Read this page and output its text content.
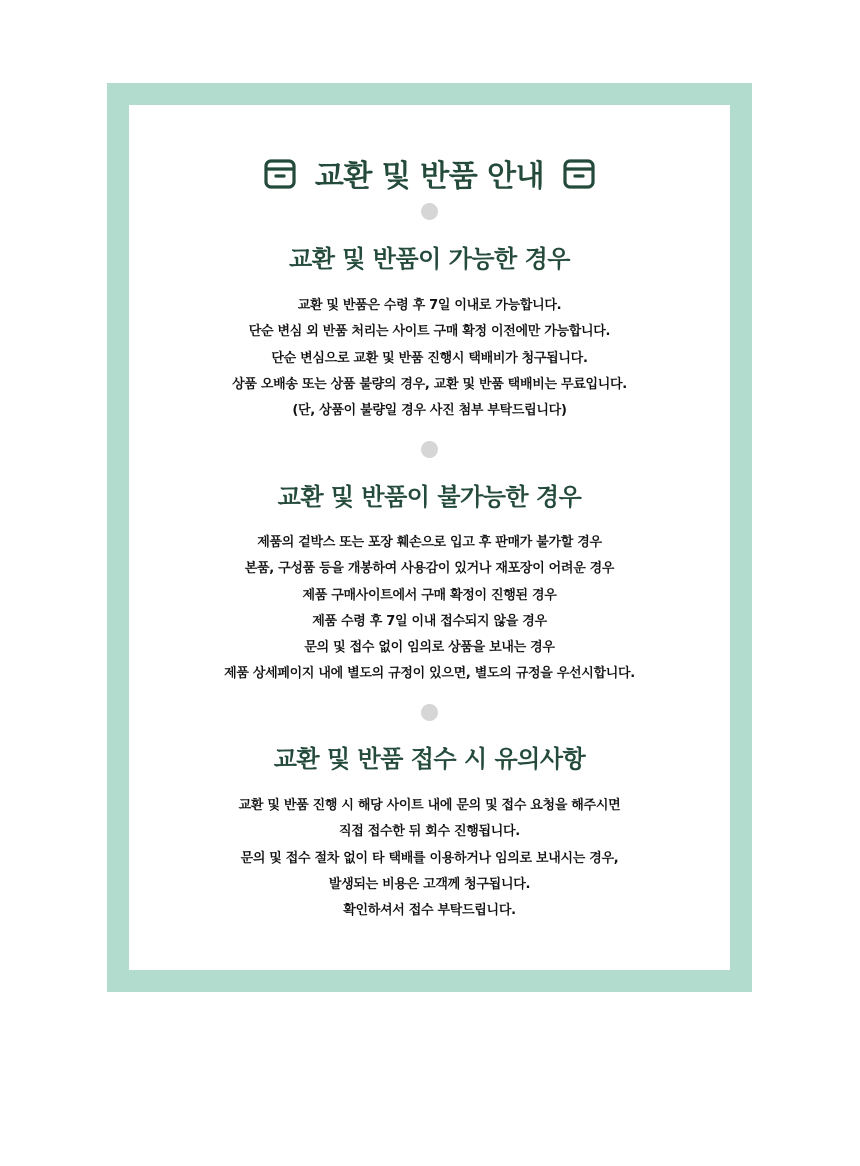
교환 및 반품 안내
교환 및 반품이 가능한 경우
교환 및 반품은 수령 후 7일 이내로 가능합니다.
단순 변심 외 반품 처리는 사이트 구매 확정 이전에만 가능합니다.
단순 변심으로 교환 및 반품 진행시 택배비가 청구됩니다.
상품 오배송 또는 상품 불량의 경우, 교환 및 반품 택배비는 무료입니다.
(단, 상품이 불량일 경우 사진 첨부 부탁드립니다)
교환 및 반품이 불가능한 경우
제품의 겉박스 또는 포장 훼손으로 입고 후 판매가 불가할 경우
본품, 구성품 등을 개봉하여 사용감이 있거나 재포장이 어려운 경우
제품 구매사이트에서 구매 확정이 진행된 경우
제품 수령 후 7일 이내 접수되지 않을 경우
문의 및 접수 없이 임의로 상품을 보내는 경우
제품 상세페이지 내에 별도의 규정이 있으면, 별도의 규정을 우선시합니다.
교환 및 반품 접수 시 유의사항
교환 및 반품 진행 시 해당 사이트 내에 문의 및 접수 요청을 해주시면
직접 접수한 뒤 회수 진행됩니다.
문의 및 접수 절차 없이 타 택배를 이용하거나 임의로 보내시는 경우,
발생되는 비용은 고객께 청구됩니다.
확인하셔서 접수 부탁드립니다.
